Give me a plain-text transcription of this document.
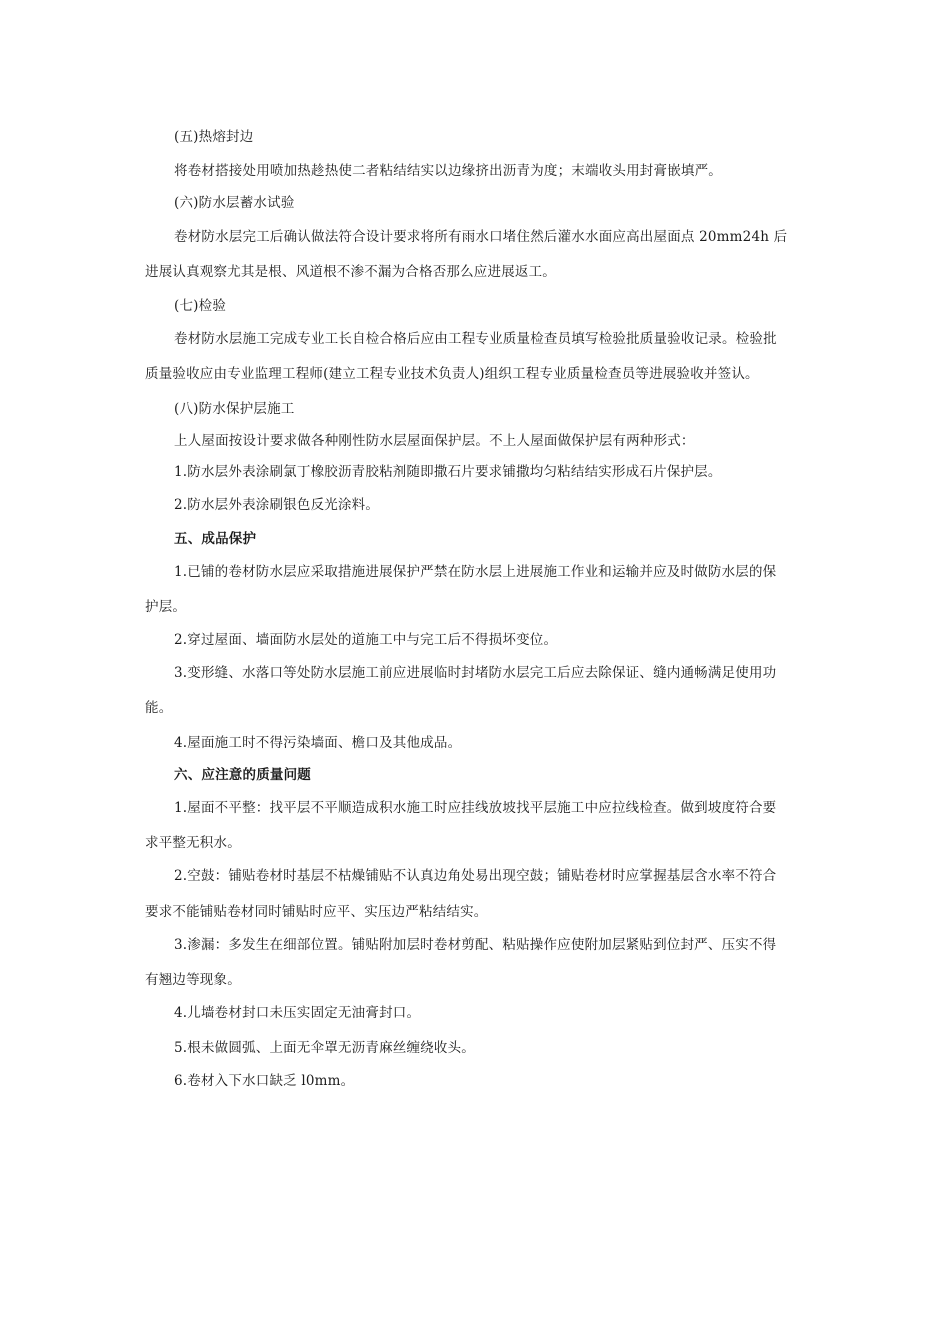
(五)热熔封边
将卷材搭接处用喷加热趁热使二者粘结结实以边缘挤出沥青为度；末端收头用封膏嵌填严。
(六)防水层蓄水试验
卷材防水层完工后确认做法符合设计要求将所有雨水口堵住然后灌水水面应高出屋面点 20mm24h 后
进展认真观察尤其是根、风道根不渗不漏为合格否那么应进展返工。
(七)检验
卷材防水层施工完成专业工长自检合格后应由工程专业质量检查员填写检验批质量验收记录。检验批
质量验收应由专业监理工程师(建立工程专业技术负责人)组织工程专业质量检查员等进展验收并签认。
(八)防水保护层施工
上人屋面按设计要求做各种刚性防水层屋面保护层。不上人屋面做保护层有两种形式：
1.防水层外表涂刷氯丁橡胶沥青胶粘剂随即撒石片要求铺撒均匀粘结结实形成石片保护层。
2.防水层外表涂刷银色反光涂料。
五、成品保护
1.已铺的卷材防水层应采取措施进展保护严禁在防水层上进展施工作业和运输并应及时做防水层的保
护层。
2.穿过屋面、墙面防水层处的道施工中与完工后不得损坏变位。
3.变形缝、水落口等处防水层施工前应进展临时封堵防水层完工后应去除保证、缝内通畅满足使用功
能。
4.屋面施工时不得污染墙面、檐口及其他成品。
六、应注意的质量问题
1.屋面不平整：找平层不平顺造成积水施工时应挂线放坡找平层施工中应拉线检查。做到坡度符合要
求平整无积水。
2.空鼓：铺贴卷材时基层不枯燥铺贴不认真边角处易出现空鼓；铺贴卷材时应掌握基层含水率不符合
要求不能铺贴卷材同时铺贴时应平、实压边严粘结结实。
3.渗漏：多发生在细部位置。铺贴附加层时卷材剪配、粘贴操作应使附加层紧贴到位封严、压实不得
有翘边等现象。
4.儿墙卷材封口未压实固定无油膏封口。
5.根未做圆弧、上面无伞罩无沥青麻丝缠绕收头。
6.卷材入下水口缺乏 l0mm。
